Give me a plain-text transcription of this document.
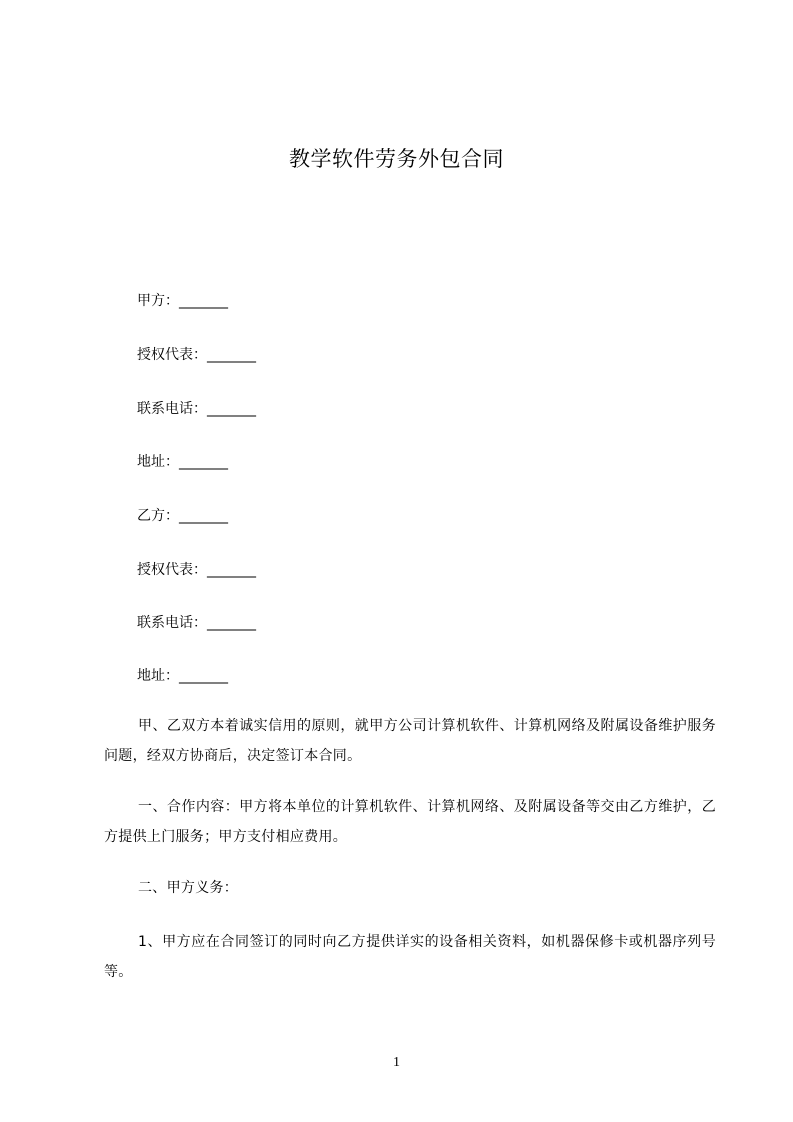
教学软件劳务外包合同
甲方：_______
授权代表：_______
联系电话：_______
地址：_______
乙方：_______
授权代表：_______
联系电话：_______
地址：_______
甲、乙双方本着诚实信用的原则，就甲方公司计算机软件、计算机网络及附属设备维护服务问题，经双方协商后，决定签订本合同。
一、合作内容：甲方将本单位的计算机软件、计算机网络、及附属设备等交由乙方维护，乙方提供上门服务；甲方支付相应费用。
二、甲方义务：
1、甲方应在合同签订的同时向乙方提供详实的设备相关资料，如机器保修卡或机器序列号等。
1
